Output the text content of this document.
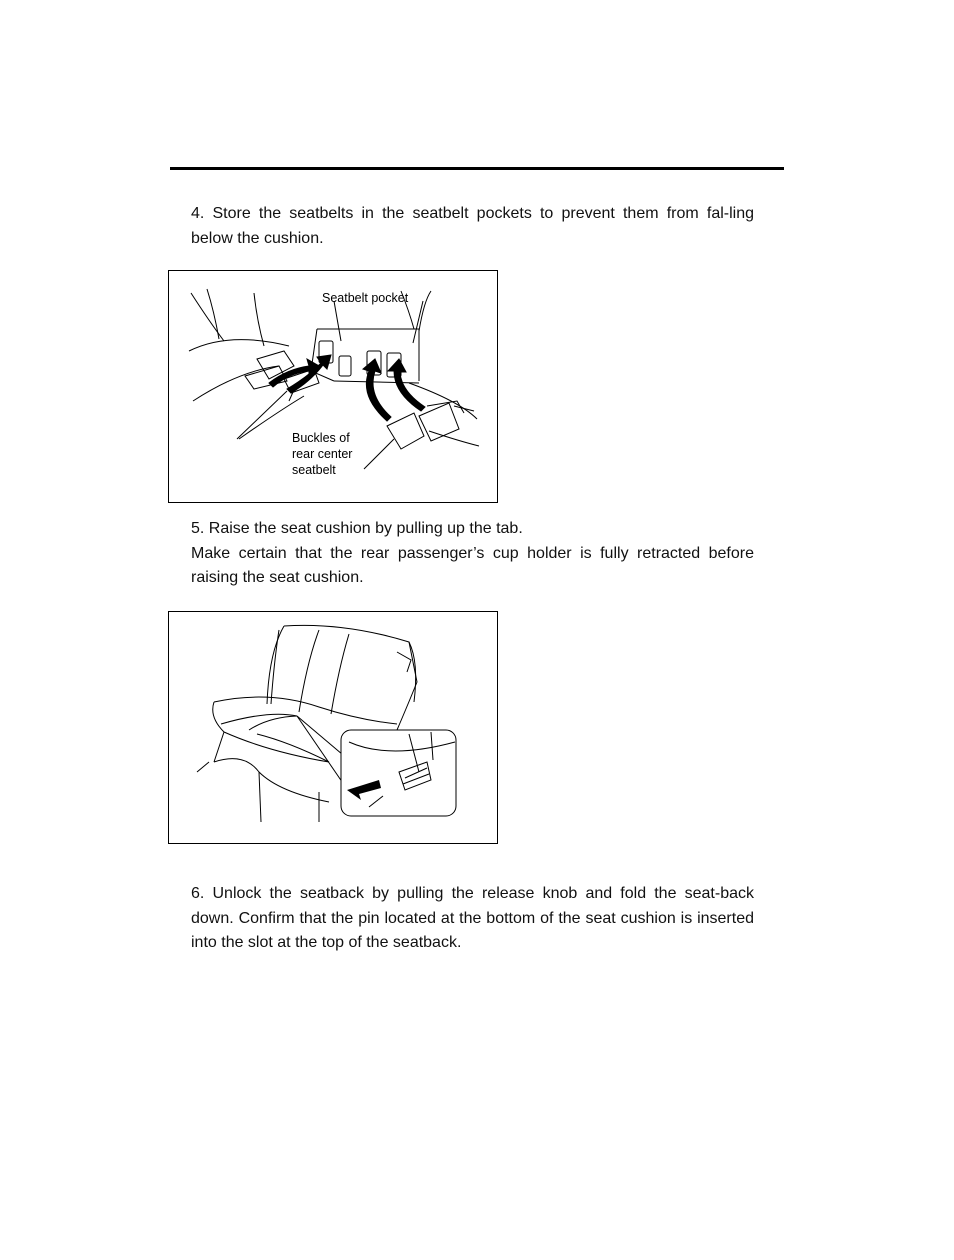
4. Store the seatbelts in the seatbelt pockets to prevent them from fal-ling below the cushion.

Seatbelt pocket
Buckles of
rear center
seatbelt

5. Raise the seat cushion by pulling up the tab.

Make certain that the rear passenger’s cup holder is fully retracted before raising the seat cushion.

6. Unlock the seatback by pulling the release knob and fold the seat-back down. Confirm that the pin located at the bottom of the seat cushion is inserted into the slot at the top of the seatback.
